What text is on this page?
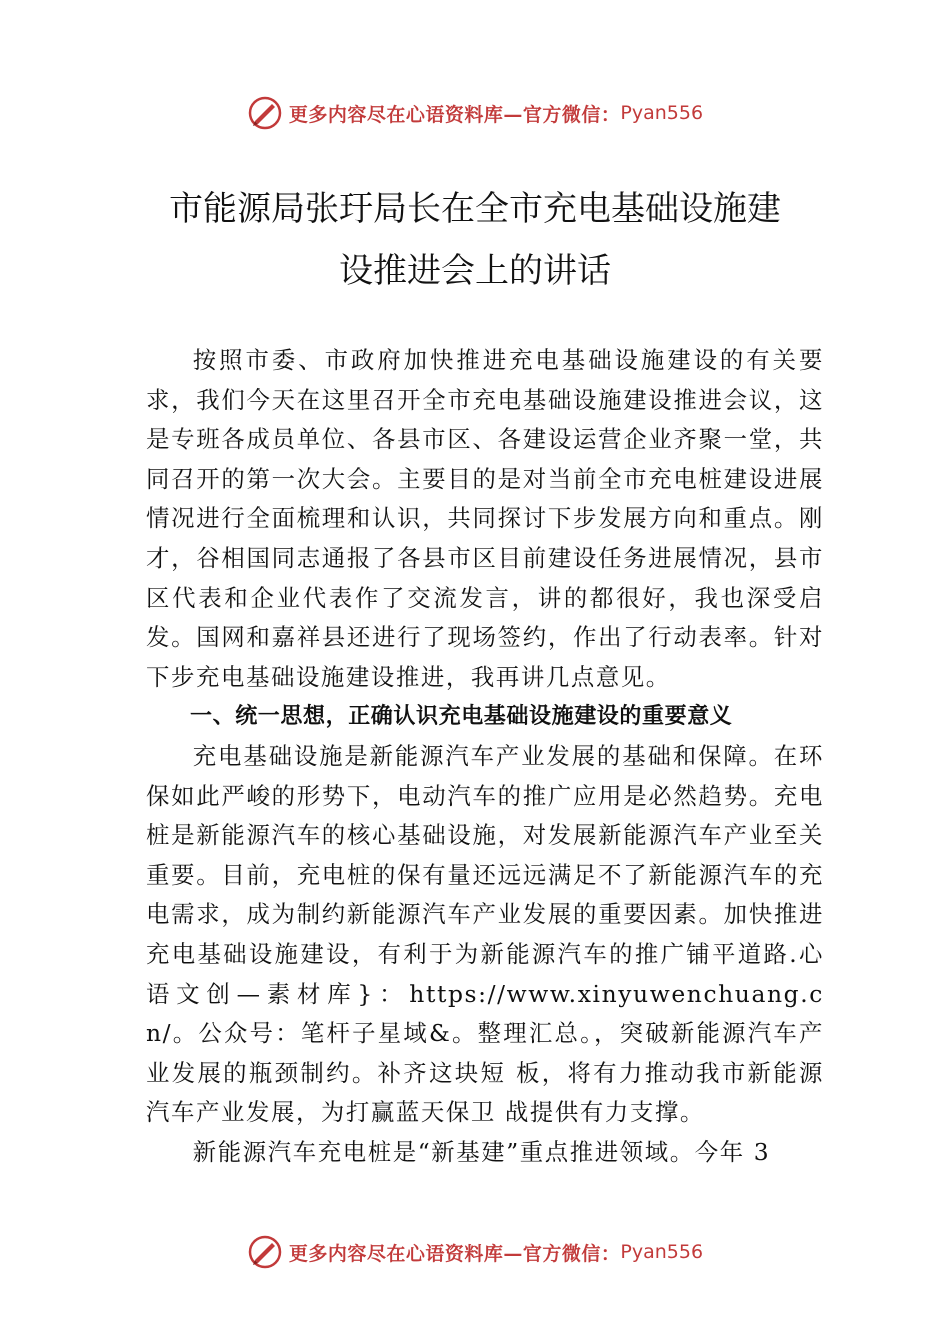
更多内容尽在心语资料库—官方微信： Pyan556
市能源局张玗局长在全市充电基础设施建
设推进会上的讲话

按照市委、市政府加快推进充电基础设施建设的有关要求，我们今天在这里召开全市充电基础设施建设推进会议，这是专班各成员单位、各县市区、各建设运营企业齐聚一堂，共同召开的第一次大会。主要目的是对当前全市充电桩建设进展情况进行全面梳理和认识，共同探讨下步发展方向和重点。刚才，谷相国同志通报了各县市区目前建设任务进展情况，县市区代表和企业代表作了交流发言，讲的都很好，我也深受启发。国网和嘉祥县还进行了现场签约，作出了行动表率。针对下步充电基础设施建设推进，我再讲几点意见。

一、统一思想，正确认识充电基础设施建设的重要意义

充电基础设施是新能源汽车产业发展的基础和保障。在环保如此严峻的形势下，电动汽车的推广应用是必然趋势。充电桩是新能源汽车的核心基础设施，对发展新能源汽车产业至关重要。目前，充电桩的保有量还远远满足不了新能源汽车的充电需求，成为制约新能源汽车产业发展的重要因素。加快推进充电基础设施建设，有利于为新能源汽车的推广铺平道路.心语文创—素材库}：https://www.xinyuwenchuang.cn/。公众号：笔杆子星域&。整理汇总。，突破新能源汽车产业发展的瓶颈制约。补齐这块短 板，将有力推动我市新能源汽车产业发展，为打赢蓝天保卫 战提供有力支撑。

新能源汽车充电桩是“新基建”重点推进领域。今年 3

更多内容尽在心语资料库—官方微信： Pyan556
